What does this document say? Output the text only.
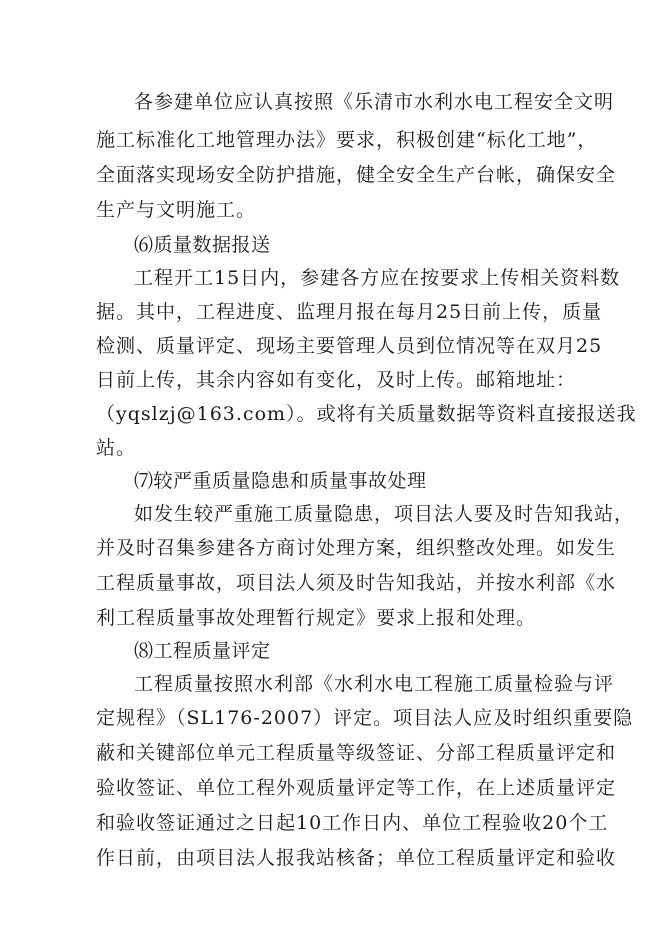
各参建单位应认真按照《乐清市水利水电工程安全文明
施工标准化工地管理办法》要求，积极创建“标化工地”，
全面落实现场安全防护措施，健全安全生产台帐，确保安全
生产与文明施工。
⑹质量数据报送
工程开工15日内，参建各方应在按要求上传相关资料数
据。其中，工程进度、监理月报在每月25日前上传，质量
检测、质量评定、现场主要管理人员到位情况等在双月25
日前上传，其余内容如有变化，及时上传。邮箱地址：
（yqslzj@163.com）。或将有关质量数据等资料直接报送我
站。
⑺较严重质量隐患和质量事故处理
如发生较严重施工质量隐患，项目法人要及时告知我站，
并及时召集参建各方商讨处理方案，组织整改处理。如发生
工程质量事故，项目法人须及时告知我站，并按水利部《水
利工程质量事故处理暂行规定》要求上报和处理。
⑻工程质量评定
工程质量按照水利部《水利水电工程施工质量检验与评
定规程》（SL176-2007）评定。项目法人应及时组织重要隐
蔽和关键部位单元工程质量等级签证、分部工程质量评定和
验收签证、单位工程外观质量评定等工作，在上述质量评定
和验收签证通过之日起10工作日内、单位工程验收20个工
作日前，由项目法人报我站核备；单位工程质量评定和验收
